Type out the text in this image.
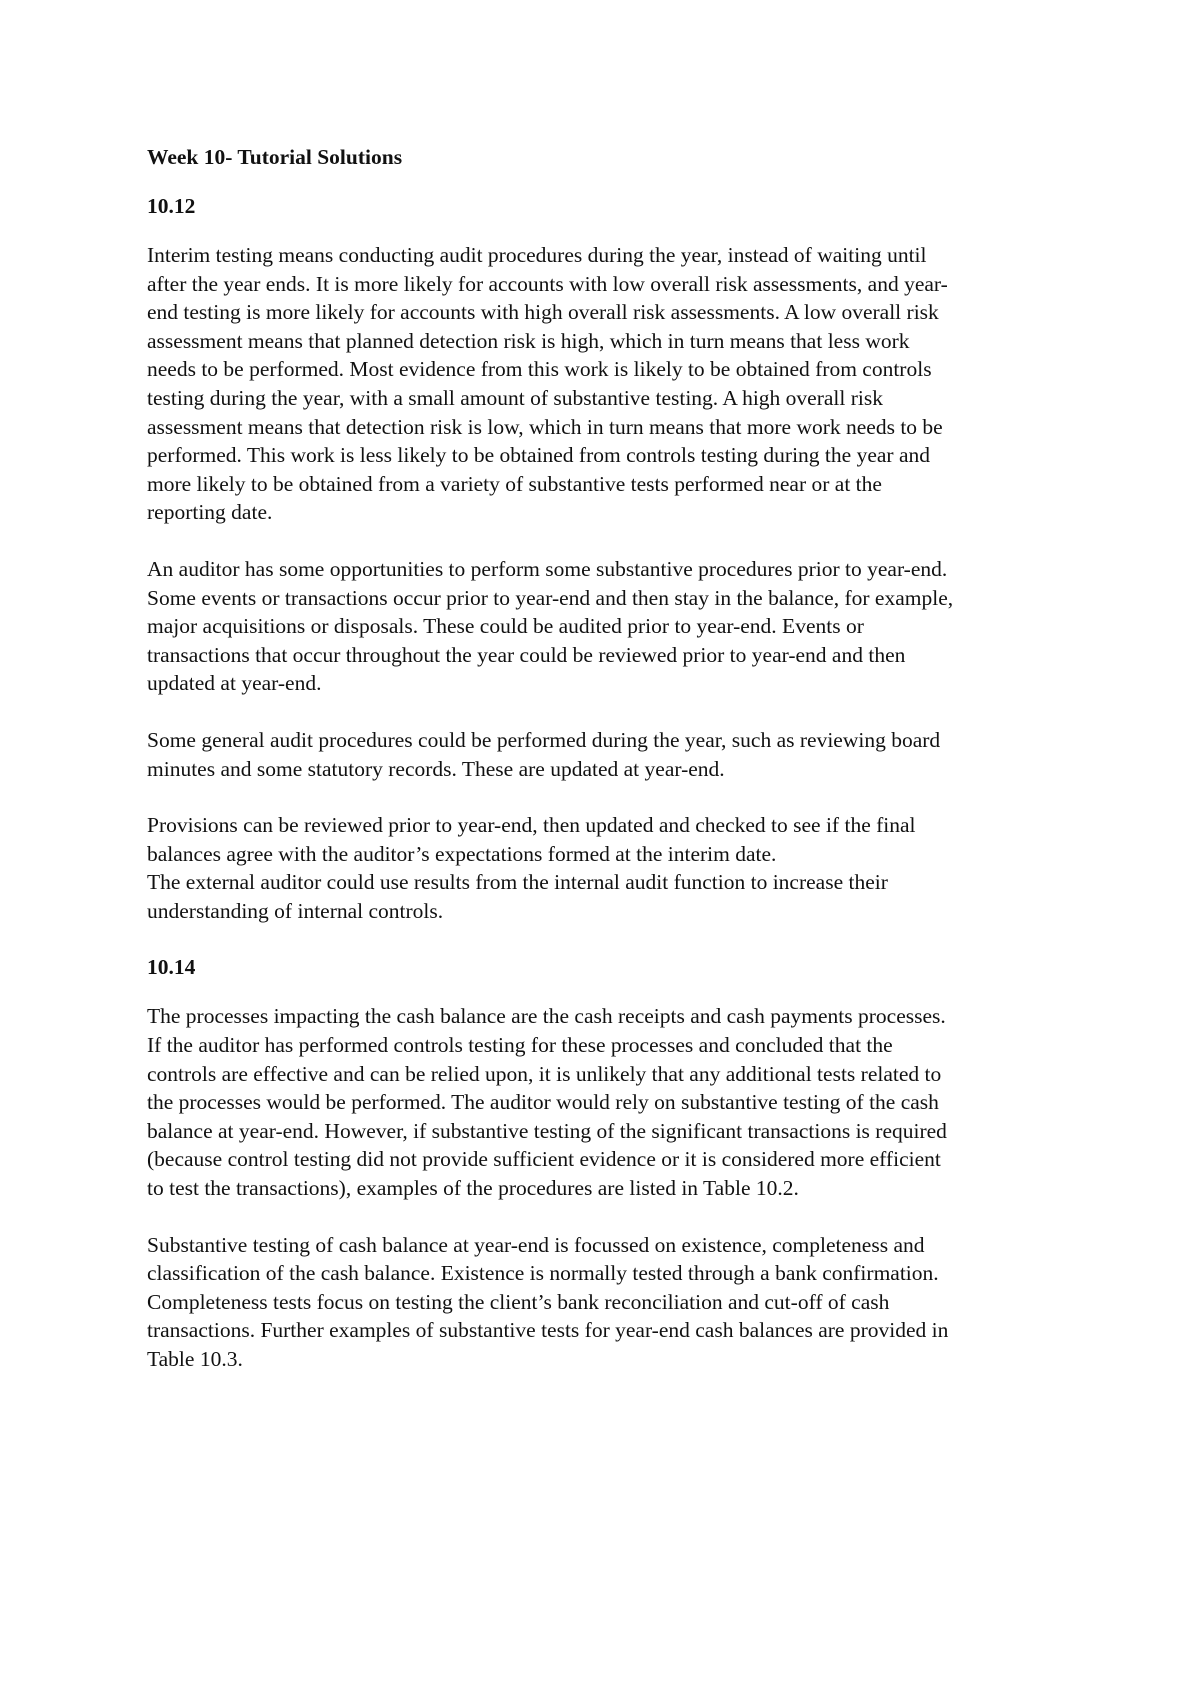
Week 10- Tutorial Solutions
10.12
Interim testing means conducting audit procedures during the year, instead of waiting until
after the year ends. It is more likely for accounts with low overall risk assessments, and year-
end testing is more likely for accounts with high overall risk assessments. A low overall risk
assessment means that planned detection risk is high, which in turn means that less work
needs to be performed. Most evidence from this work is likely to be obtained from controls
testing during the year, with a small amount of substantive testing. A high overall risk
assessment means that detection risk is low, which in turn means that more work needs to be
performed. This work is less likely to be obtained from controls testing during the year and
more likely to be obtained from a variety of substantive tests performed near or at the
reporting date.
An auditor has some opportunities to perform some substantive procedures prior to year-end.
Some events or transactions occur prior to year-end and then stay in the balance, for example,
major acquisitions or disposals. These could be audited prior to year-end. Events or
transactions that occur throughout the year could be reviewed prior to year-end and then
updated at year-end.
Some general audit procedures could be performed during the year, such as reviewing board
minutes and some statutory records. These are updated at year-end.
Provisions can be reviewed prior to year-end, then updated and checked to see if the final
balances agree with the auditor’s expectations formed at the interim date.
The external auditor could use results from the internal audit function to increase their
understanding of internal controls.
10.14
The processes impacting the cash balance are the cash receipts and cash payments processes.
If the auditor has performed controls testing for these processes and concluded that the
controls are effective and can be relied upon, it is unlikely that any additional tests related to
the processes would be performed. The auditor would rely on substantive testing of the cash
balance at year-end. However, if substantive testing of the significant transactions is required
(because control testing did not provide sufficient evidence or it is considered more efficient
to test the transactions), examples of the procedures are listed in Table 10.2.
Substantive testing of cash balance at year-end is focussed on existence, completeness and
classification of the cash balance. Existence is normally tested through a bank confirmation.
Completeness tests focus on testing the client’s bank reconciliation and cut-off of cash
transactions. Further examples of substantive tests for year-end cash balances are provided in
Table 10.3.
